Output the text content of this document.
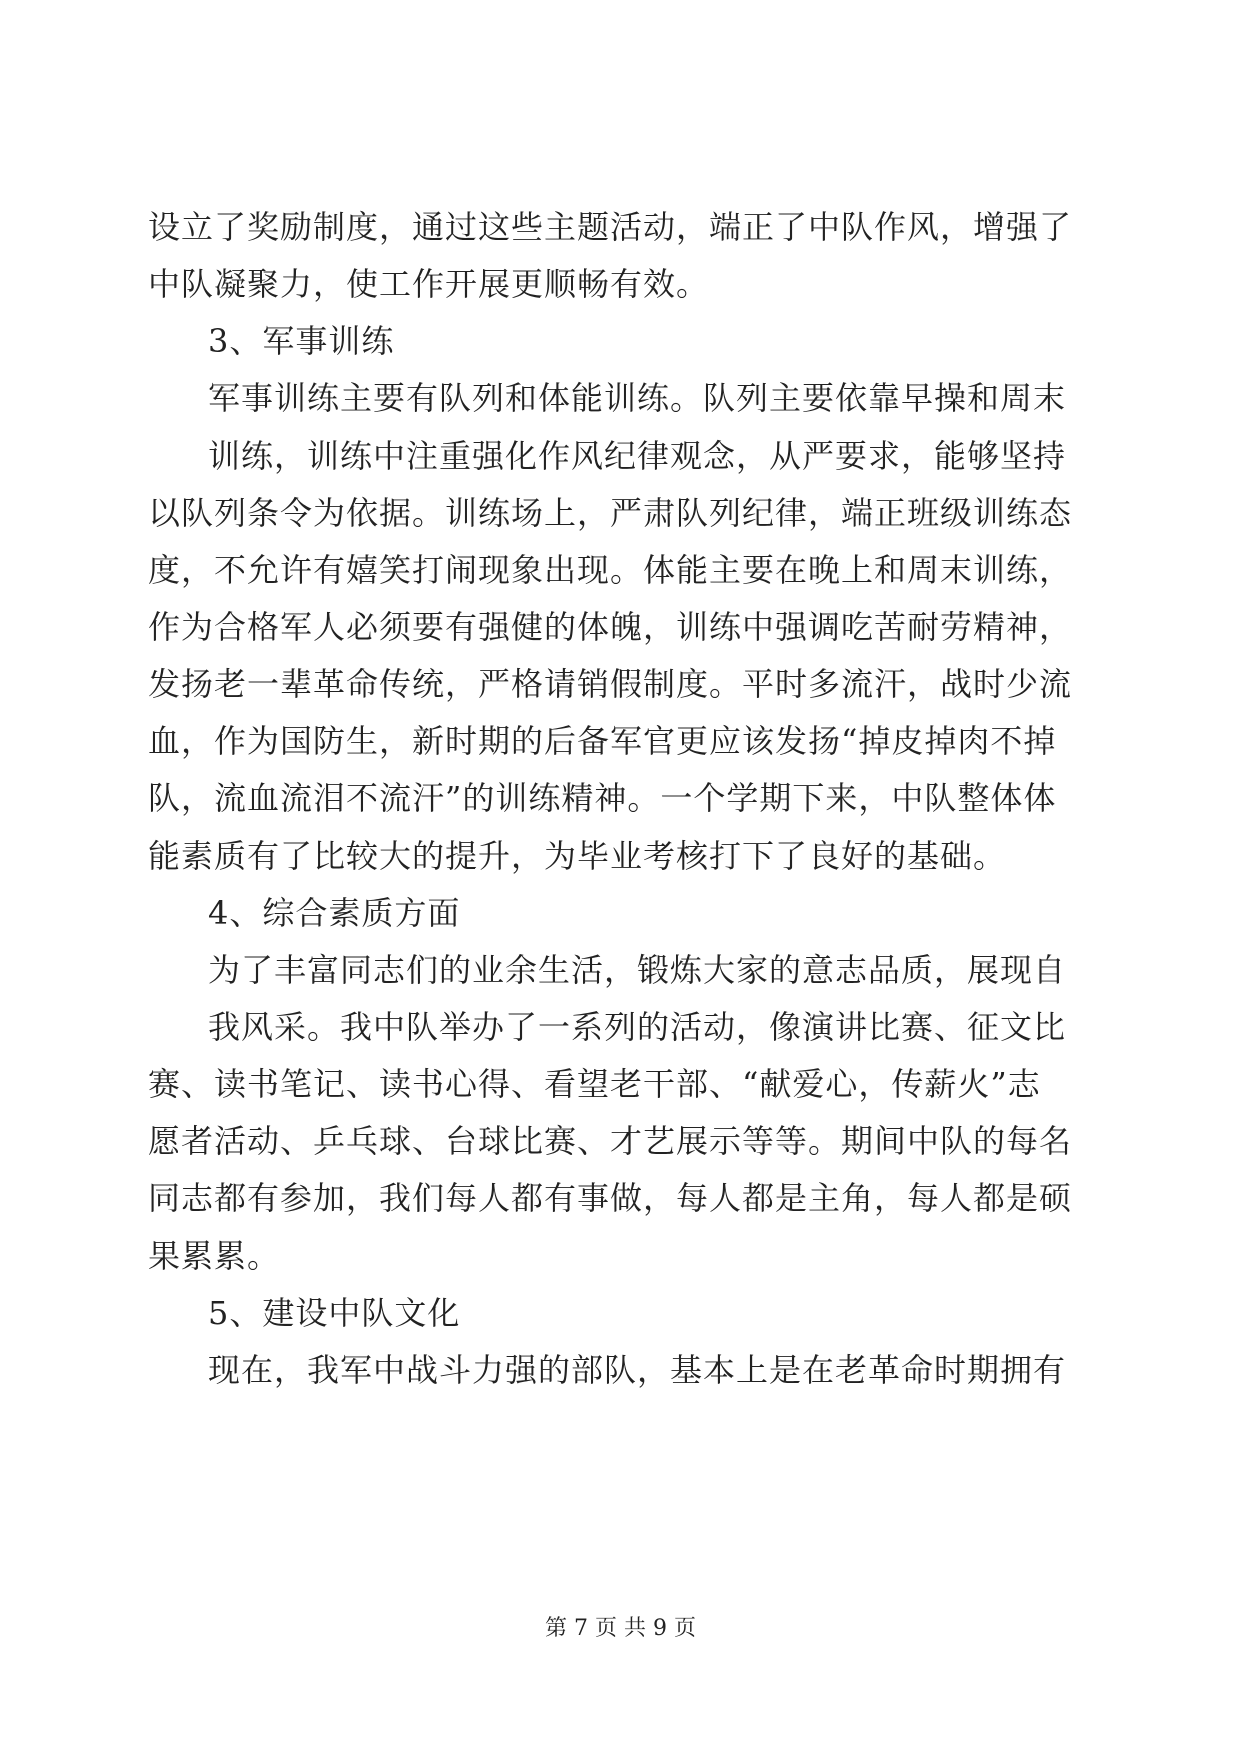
设立了奖励制度，通过这些主题活动，端正了中队作风，增强了
中队凝聚力，使工作开展更顺畅有效。
3、军事训练
军事训练主要有队列和体能训练。队列主要依靠早操和周末
训练，训练中注重强化作风纪律观念，从严要求，能够坚持
以队列条令为依据。训练场上，严肃队列纪律，端正班级训练态
度，不允许有嬉笑打闹现象出现。体能主要在晚上和周末训练，
作为合格军人必须要有强健的体魄，训练中强调吃苦耐劳精神，
发扬老一辈革命传统，严格请销假制度。平时多流汗，战时少流
血，作为国防生，新时期的后备军官更应该发扬“掉皮掉肉不掉
队，流血流泪不流汗”的训练精神。一个学期下来，中队整体体
能素质有了比较大的提升，为毕业考核打下了良好的基础。
4、综合素质方面
为了丰富同志们的业余生活，锻炼大家的意志品质，展现自
我风采。我中队举办了一系列的活动，像演讲比赛、征文比
赛、读书笔记、读书心得、看望老干部、“献爱心，传薪火”志
愿者活动、乒乓球、台球比赛、才艺展示等等。期间中队的每名
同志都有参加，我们每人都有事做，每人都是主角，每人都是硕
果累累。
5、建设中队文化
现在，我军中战斗力强的部队，基本上是在老革命时期拥有
第 7 页 共 9 页
